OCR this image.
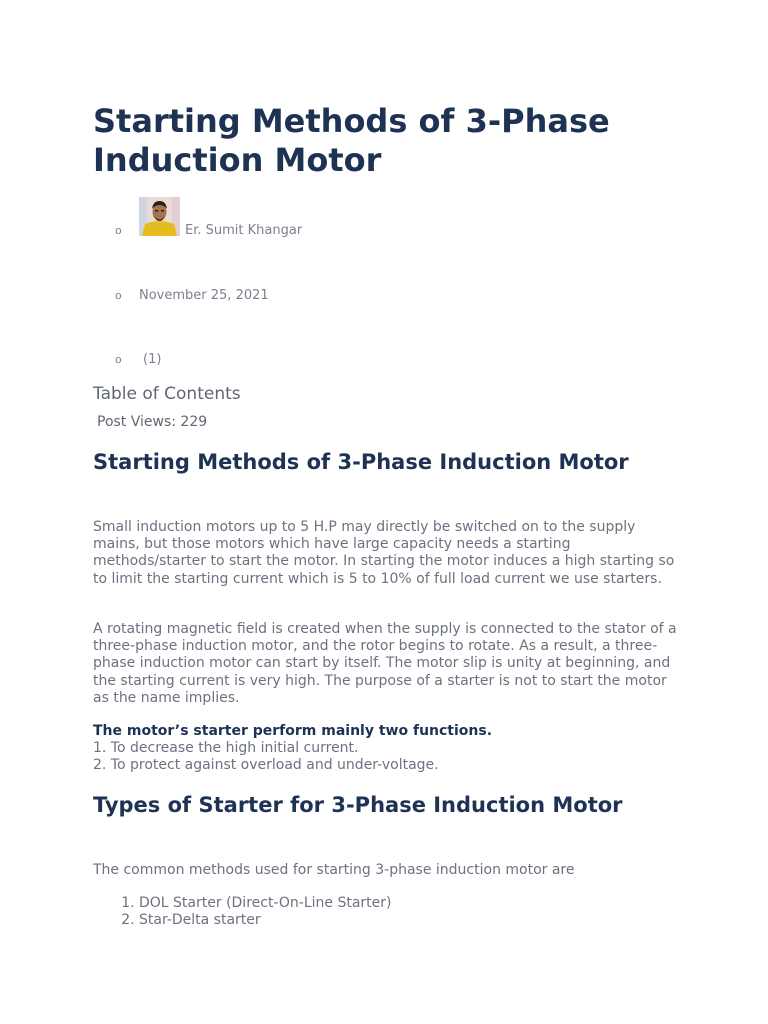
Starting Methods of 3-Phase Induction Motor
o	Er. Sumit Khangar
o November 25, 2021
o (1)
Table of Contents
Post Views: 229
Starting Methods of 3-Phase Induction Motor

Small induction motors up to 5 H.P may directly be switched on to the supply mains, but those motors which have large capacity needs a starting methods/starter to start the motor. In starting the motor induces a high starting so to limit the starting current which is 5 to 10% of full load current we use starters.

A rotating magnetic field is created when the supply is connected to the stator of a three-phase induction motor, and the rotor begins to rotate. As a result, a three-phase induction motor can start by itself. The motor slip is unity at beginning, and the starting current is very high. The purpose of a starter is not to start the motor as the name implies.

The motor’s starter perform mainly two functions.
1. To decrease the high initial current.
2. To protect against overload and under-voltage.

Types of Starter for 3-Phase Induction Motor

The common methods used for starting 3-phase induction motor are

1. DOL Starter (Direct-On-Line Starter)
2. Star-Delta starter
